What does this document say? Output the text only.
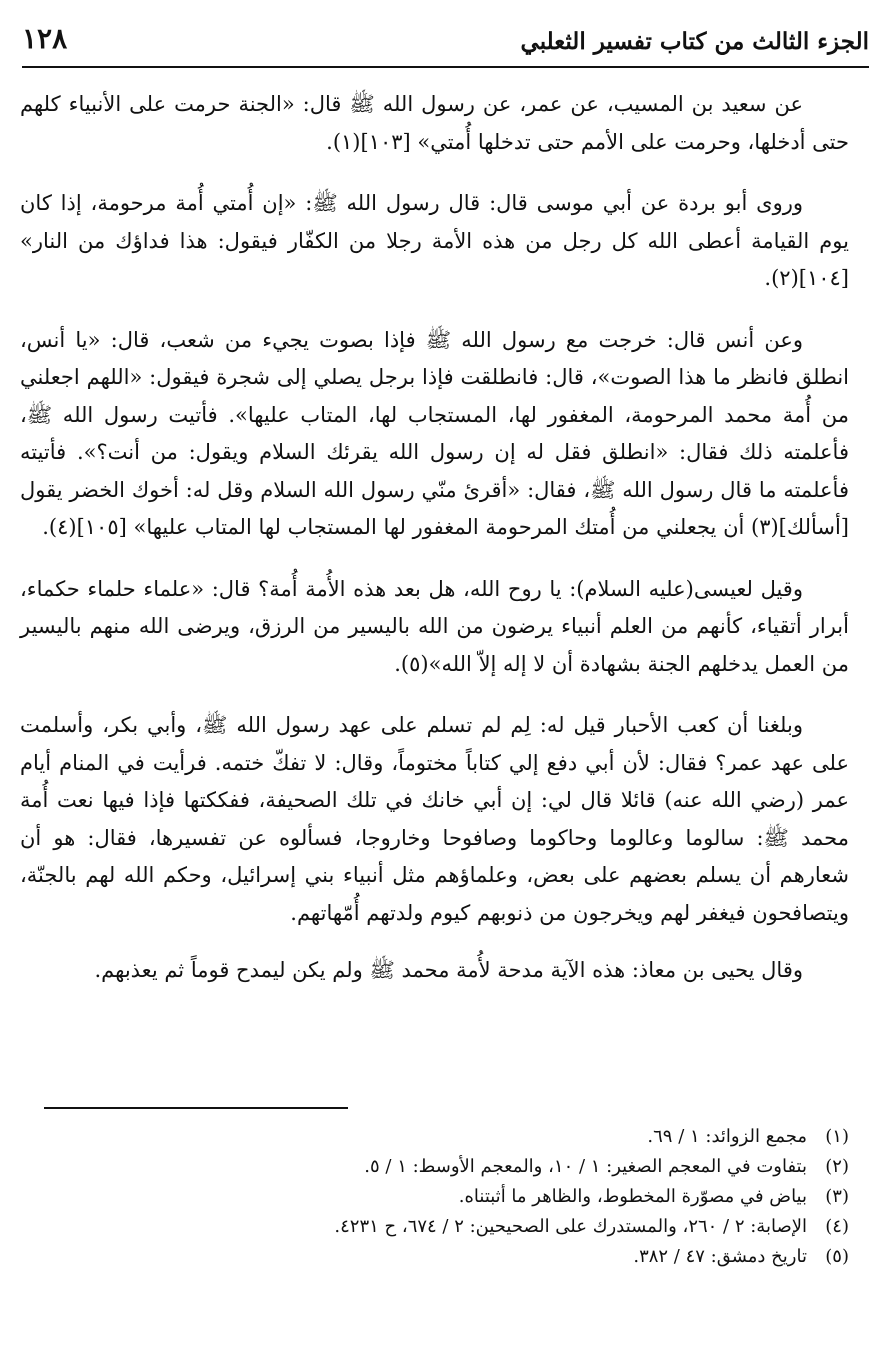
الجزء الثالث من كتاب تفسير الثعلبي
١٢٨

عن سعيد بن المسيب، عن عمر، عن رسول الله ﷺ قال: «الجنة حرمت على الأنبياء كلهم حتى أدخلها، وحرمت على الأمم حتى تدخلها أُمتي» [١٠٣](١).

وروى أبو بردة عن أبي موسى قال: قال رسول الله ﷺ: «إن أُمتي أُمة مرحومة، إذا كان يوم القيامة أعطى الله كل رجل من هذه الأمة رجلا من الكفّار فيقول: هذا فداؤك من النار» [١٠٤](٢).

وعن أنس قال: خرجت مع رسول الله ﷺ فإذا بصوت يجيء من شعب، قال: «يا أنس، انطلق فانظر ما هذا الصوت»، قال: فانطلقت فإذا برجل يصلي إلى شجرة فيقول: «اللهم اجعلني من أُمة محمد المرحومة، المغفور لها، المستجاب لها، المتاب عليها». فأتيت رسول الله ﷺ، فأعلمته ذلك فقال: «انطلق فقل له إن رسول الله يقرئك السلام ويقول: من أنت؟». فأتيته فأعلمته ما قال رسول الله ﷺ، فقال: «أقرئ منّي رسول الله السلام وقل له: أخوك الخضر يقول [أسألك](٣) أن يجعلني من أُمتك المرحومة المغفور لها المستجاب لها المتاب عليها» [١٠٥](٤).

وقيل لعيسى(عليه السلام): يا روح الله، هل بعد هذه الأُمة أُمة؟ قال: «علماء حلماء حكماء، أبرار أتقياء، كأنهم من العلم أنبياء يرضون من الله باليسير من الرزق، ويرضى الله منهم باليسير من العمل يدخلهم الجنة بشهادة أن لا إله إلاّ الله»(٥).

وبلغنا أن كعب الأحبار قيل له: لِم لم تسلم على عهد رسول الله ﷺ، وأبي بكر، وأسلمت على عهد عمر؟ فقال: لأن أبي دفع إلي كتاباً مختوماً، وقال: لا تفكّ ختمه. فرأيت في المنام أيام عمر (رضي الله عنه) قائلا قال لي: إن أبي خانك في تلك الصحيفة، ففككتها فإذا فيها نعت أُمة محمد ﷺ: سالوما وعالوما وحاكوما وصافوحا وخاروجا، فسألوه عن تفسيرها، فقال: هو أن شعارهم أن يسلم بعضهم على بعض، وعلماؤهم مثل أنبياء بني إسرائيل، وحكم الله لهم بالجنّة، ويتصافحون فيغفر لهم ويخرجون من ذنوبهم كيوم ولدتهم أُمّهاتهم.

وقال يحيى بن معاذ: هذه الآية مدحة لأُمة محمد ﷺ ولم يكن ليمدح قوماً ثم يعذبهم.

(١)
مجمع الزوائد: ١ / ٦٩.
(٢)
بتفاوت في المعجم الصغير: ١ / ١٠، والمعجم الأوسط: ١ / ٥.
(٣)
بياض في مصوّرة المخطوط، والظاهر ما أثبتناه.
(٤)
الإصابة: ٢ / ٢٦٠، والمستدرك على الصحيحين: ٢ / ٦٧٤، ح ٤٢٣١.
(٥)
تاريخ دمشق: ٤٧ / ٣٨٢.
